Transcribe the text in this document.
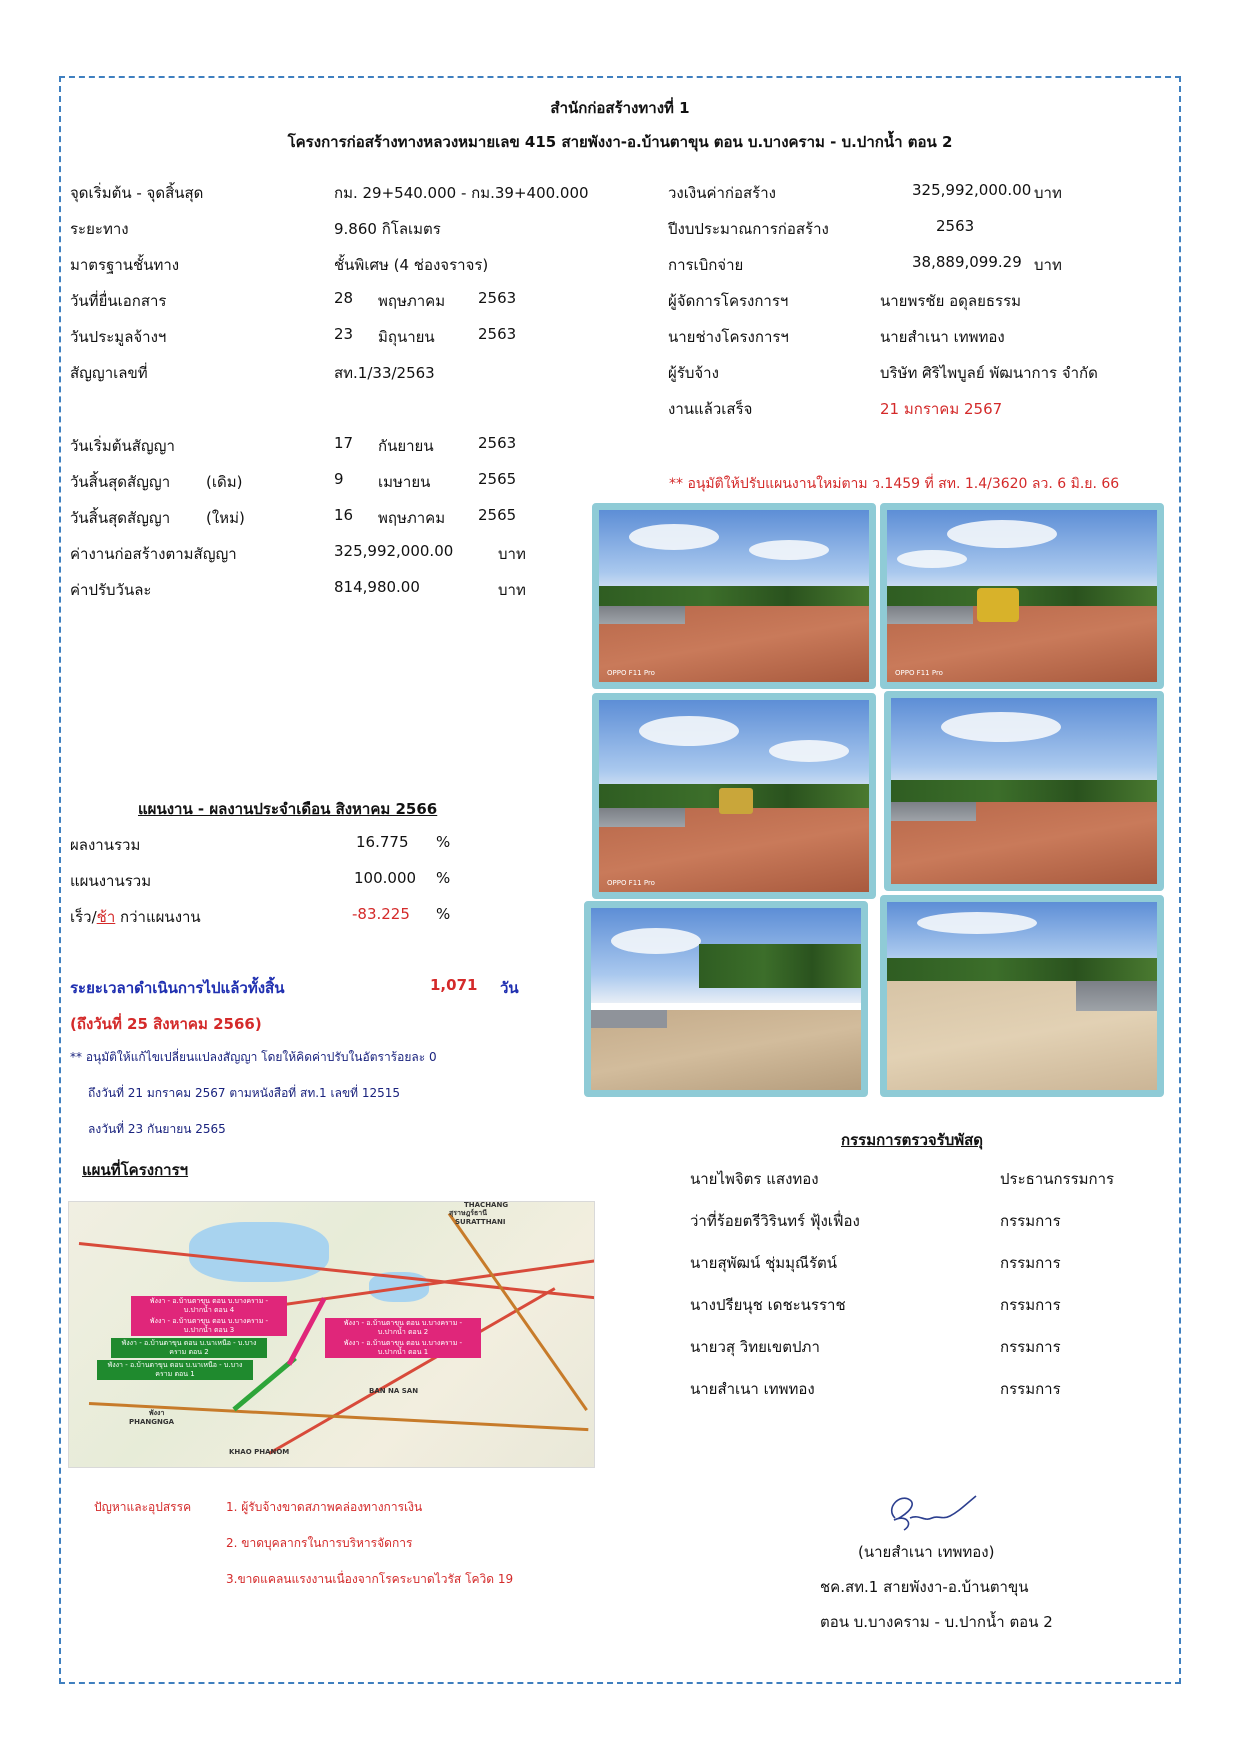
สำนักก่อสร้างทางที่ 1
โครงการก่อสร้างทางหลวงหมายเลข 415 สายพังงา-อ.บ้านตาขุน ตอน บ.บางคราม - บ.ปากน้ำ ตอน 2
จุดเริ่มต้น - จุดสิ้นสุด	กม. 29+540.000 - กม.39+400.000
ระยะทาง	9.860 กิโลเมตร
มาตรฐานชั้นทาง	ชั้นพิเศษ (4 ช่องจราจร)
วันที่ยื่นเอกสาร	28 พฤษภาคม 2563
วันประมูลจ้างฯ	23 มิถุนายน	2563
สัญญาเลขที่	สท.1/33/2563
วันเริ่มต้นสัญญา	17 กันยายน	2563
วันสิ้นสุดสัญญา (เดิม)	9 เมษายน	2565
วันสิ้นสุดสัญญา (ใหม่)	16 พฤษภาคม 2565
ค่างานก่อสร้างตามสัญญา	325,992,000.00	บาท
ค่าปรับวันละ	814,980.00	บาท
วงเงินค่าก่อสร้าง	325,992,000.00 บาท
ปีงบประมาณการก่อสร้าง	2563
การเบิกจ่าย	38,889,099.29 บาท
ผู้จัดการโครงการฯ	นายพรชัย อดุลยธรรม
นายช่างโครงการฯ	นายสำเนา เทพทอง
ผู้รับจ้าง	บริษัท ศิริไพบูลย์ พัฒนาการ จำกัด
งานแล้วเสร็จ	21 มกราคม 2567
** อนุมัติให้ปรับแผนงานใหม่ตาม ว.1459 ที่ สท. 1.4/3620 ลว. 6 มิ.ย. 66
OPPO F11 Pro	OPPO F11 Pro
OPPO F11 Pro
แผนงาน - ผลงานประจำเดือน สิงหาคม 2566
ผลงานรวม	16.775 %
แผนงานรวม	100.000 %
เร็ว/ช้า กว่าแผนงาน	-83.225 %
ระยะเวลาดำเนินการไปแล้วทั้งสิ้น	1,071 วัน
(ถึงวันที่ 25 สิงหาคม 2566)
** อนุมัติให้แก้ไขเปลี่ยนแปลงสัญญา โดยให้คิดค่าปรับในอัตราร้อยละ 0
ถึงวันที่ 21 มกราคม 2567 ตามหนังสือที่ สท.1 เลขที่ 12515
ลงวันที่ 23 กันยายน 2565
แผนที่โครงการฯ
สุราษฎร์ธานี
SURATTHANI
PHANGNGA
พังงา
KHAO PHANOM
THACHANG
BAN NA SAN
พังงา - อ.บ้านตาขุน ตอน บ.บางคราม - บ.ปากน้ำ ตอน 4
พังงา - อ.บ้านตาขุน ตอน บ.บางคราม - บ.ปากน้ำ ตอน 3
พังงา - อ.บ้านตาขุน ตอน บ.บางคราม - บ.ปากน้ำ ตอน 2
พังงา - อ.บ้านตาขุน ตอน บ.บางคราม - บ.ปากน้ำ ตอน 1
พังงา - อ.บ้านตาขุน ตอน บ.นาเหนือ - บ.บางคราม ตอน 2
พังงา - อ.บ้านตาขุน ตอน บ.นาเหนือ - บ.บางคราม ตอน 1
กรรมการตรวจรับพัสดุ
นายไพจิตร แสงทอง	ประธานกรรมการ
ว่าที่ร้อยตรีวิรินทร์ ฟุ้งเฟื่อง	กรรมการ
นายสุพัฒน์ ชุ่มมุณีรัตน์	กรรมการ
นางปรียนุช เดชะนรราช	กรรมการ
นายวสุ วิทยเขตปภา	กรรมการ
นายสำเนา เทพทอง	กรรมการ
ปัญหาและอุปสรรค	1. ผู้รับจ้างขาดสภาพคล่องทางการเงิน
2. ขาดบุคลากรในการบริหารจัดการ
3.ขาดแคลนแรงงานเนื่องจากโรคระบาดไวรัส โควิด 19
(นายสำเนา เทพทอง)
ชค.สท.1 สายพังงา-อ.บ้านตาขุน
ตอน บ.บางคราม - บ.ปากน้ำ ตอน 2
